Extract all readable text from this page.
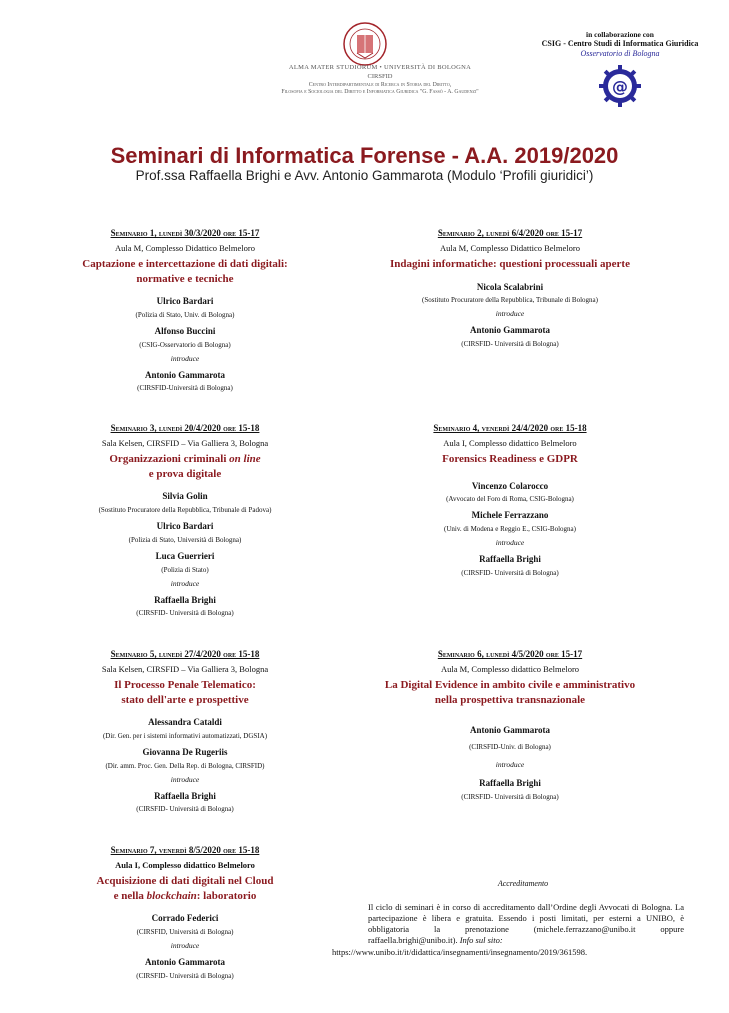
ALMA MATER STUDIORUM • UNIVERSITÀ DI BOLOGNA
CIRSFID
Centro Interdipartimentale di Ricerca in Storia del Diritto,
Filosofia e Sociologia del Diritto e Informatica Giuridica "G. Fassò - A. Gaudenzi"
in collaborazione con
CSIG - Centro Studi di Informatica Giuridica
Osservatorio di Bologna
@
Seminari di Informatica Forense - A.A. 2019/2020
Prof.ssa Raffaella Brighi e Avv. Antonio Gammarota (Modulo ‘Profili giuridici’)
Seminario 1, lunedì 30/3/2020 ore 15-17
Aula M, Complesso Didattico Belmeloro
Captazione e intercettazione di dati digitali:
normative e tecniche
Ulrico Bardari
(Polizia di Stato, Univ. di Bologna)
Alfonso Buccini
(CSIG-Osservatorio di Bologna)
introduce
Antonio Gammarota
(CIRSFID-Università di Bologna)
Seminario 2, lunedì 6/4/2020 ore 15-17
Aula M, Complesso Didattico Belmeloro
Indagini informatiche: questioni processuali aperte
Nicola Scalabrini
(Sostituto Procuratore della Repubblica, Tribunale di Bologna)
introduce
Antonio Gammarota
(CIRSFID- Università di Bologna)
Seminario 3, lunedì 20/4/2020 ore 15-18
Sala Kelsen, CIRSFID – Via Galliera 3, Bologna
Organizzazioni criminali on line
e prova digitale
Silvia Golin
(Sostituto Procuratore della Repubblica, Tribunale di Padova)
Ulrico Bardari
(Polizia di Stato, Università di Bologna)
Luca Guerrieri
(Polizia di Stato)
introduce
Raffaella Brighi
(CIRSFID- Università di Bologna)
Seminario 4, venerdì 24/4/2020 ore 15-18
Aula I, Complesso didattico Belmeloro
Forensics Readiness e GDPR
Vincenzo Colarocco
(Avvocato del Foro di Roma, CSIG-Bologna)
Michele Ferrazzano
(Univ. di Modena e Reggio E., CSIG-Bologna)
introduce
Raffaella Brighi
(CIRSFID- Università di Bologna)
Seminario 5, lunedì 27/4/2020 ore 15-18
Sala Kelsen, CIRSFID – Via Galliera 3, Bologna
Il Processo Penale Telematico:
stato dell'arte e prospettive
Alessandra Cataldi
(Dir. Gen. per i sistemi informativi automatizzati, DGSIA)
Giovanna De Rugeriis
(Dir. amm. Proc. Gen. Della Rep. di Bologna, CIRSFID)
introduce
Raffaella Brighi
(CIRSFID- Università di Bologna)
Seminario 6, lunedì 4/5/2020 ore 15-17
Aula M, Complesso didattico Belmeloro
La Digital Evidence in ambito civile e amministrativo
nella prospettiva transnazionale
Antonio Gammarota
(CIRSFID-Univ. di Bologna)
introduce
Raffaella Brighi
(CIRSFID- Università di Bologna)
Seminario 7, venerdì 8/5/2020 ore 15-18
Aula I, Complesso didattico Belmeloro
Acquisizione di dati digitali nel Cloud
e nella blockchain: laboratorio
Corrado Federici
(CIRSFID, Università di Bologna)
introduce
Antonio Gammarota
(CIRSFID- Università di Bologna)
Accreditamento
Il ciclo di seminari è in corso di accreditamento dall’Ordine degli Avvocati di Bologna. La partecipazione è libera e gratuita. Essendo i posti limitati, per esterni a UNIBO, è obbligatoria la prenotazione (michele.ferrazzano@unibo.it oppure raffaella.brighi@unibo.it). Info sul sito:
https://www.unibo.it/it/didattica/insegnamenti/insegnamento/2019/361598.
